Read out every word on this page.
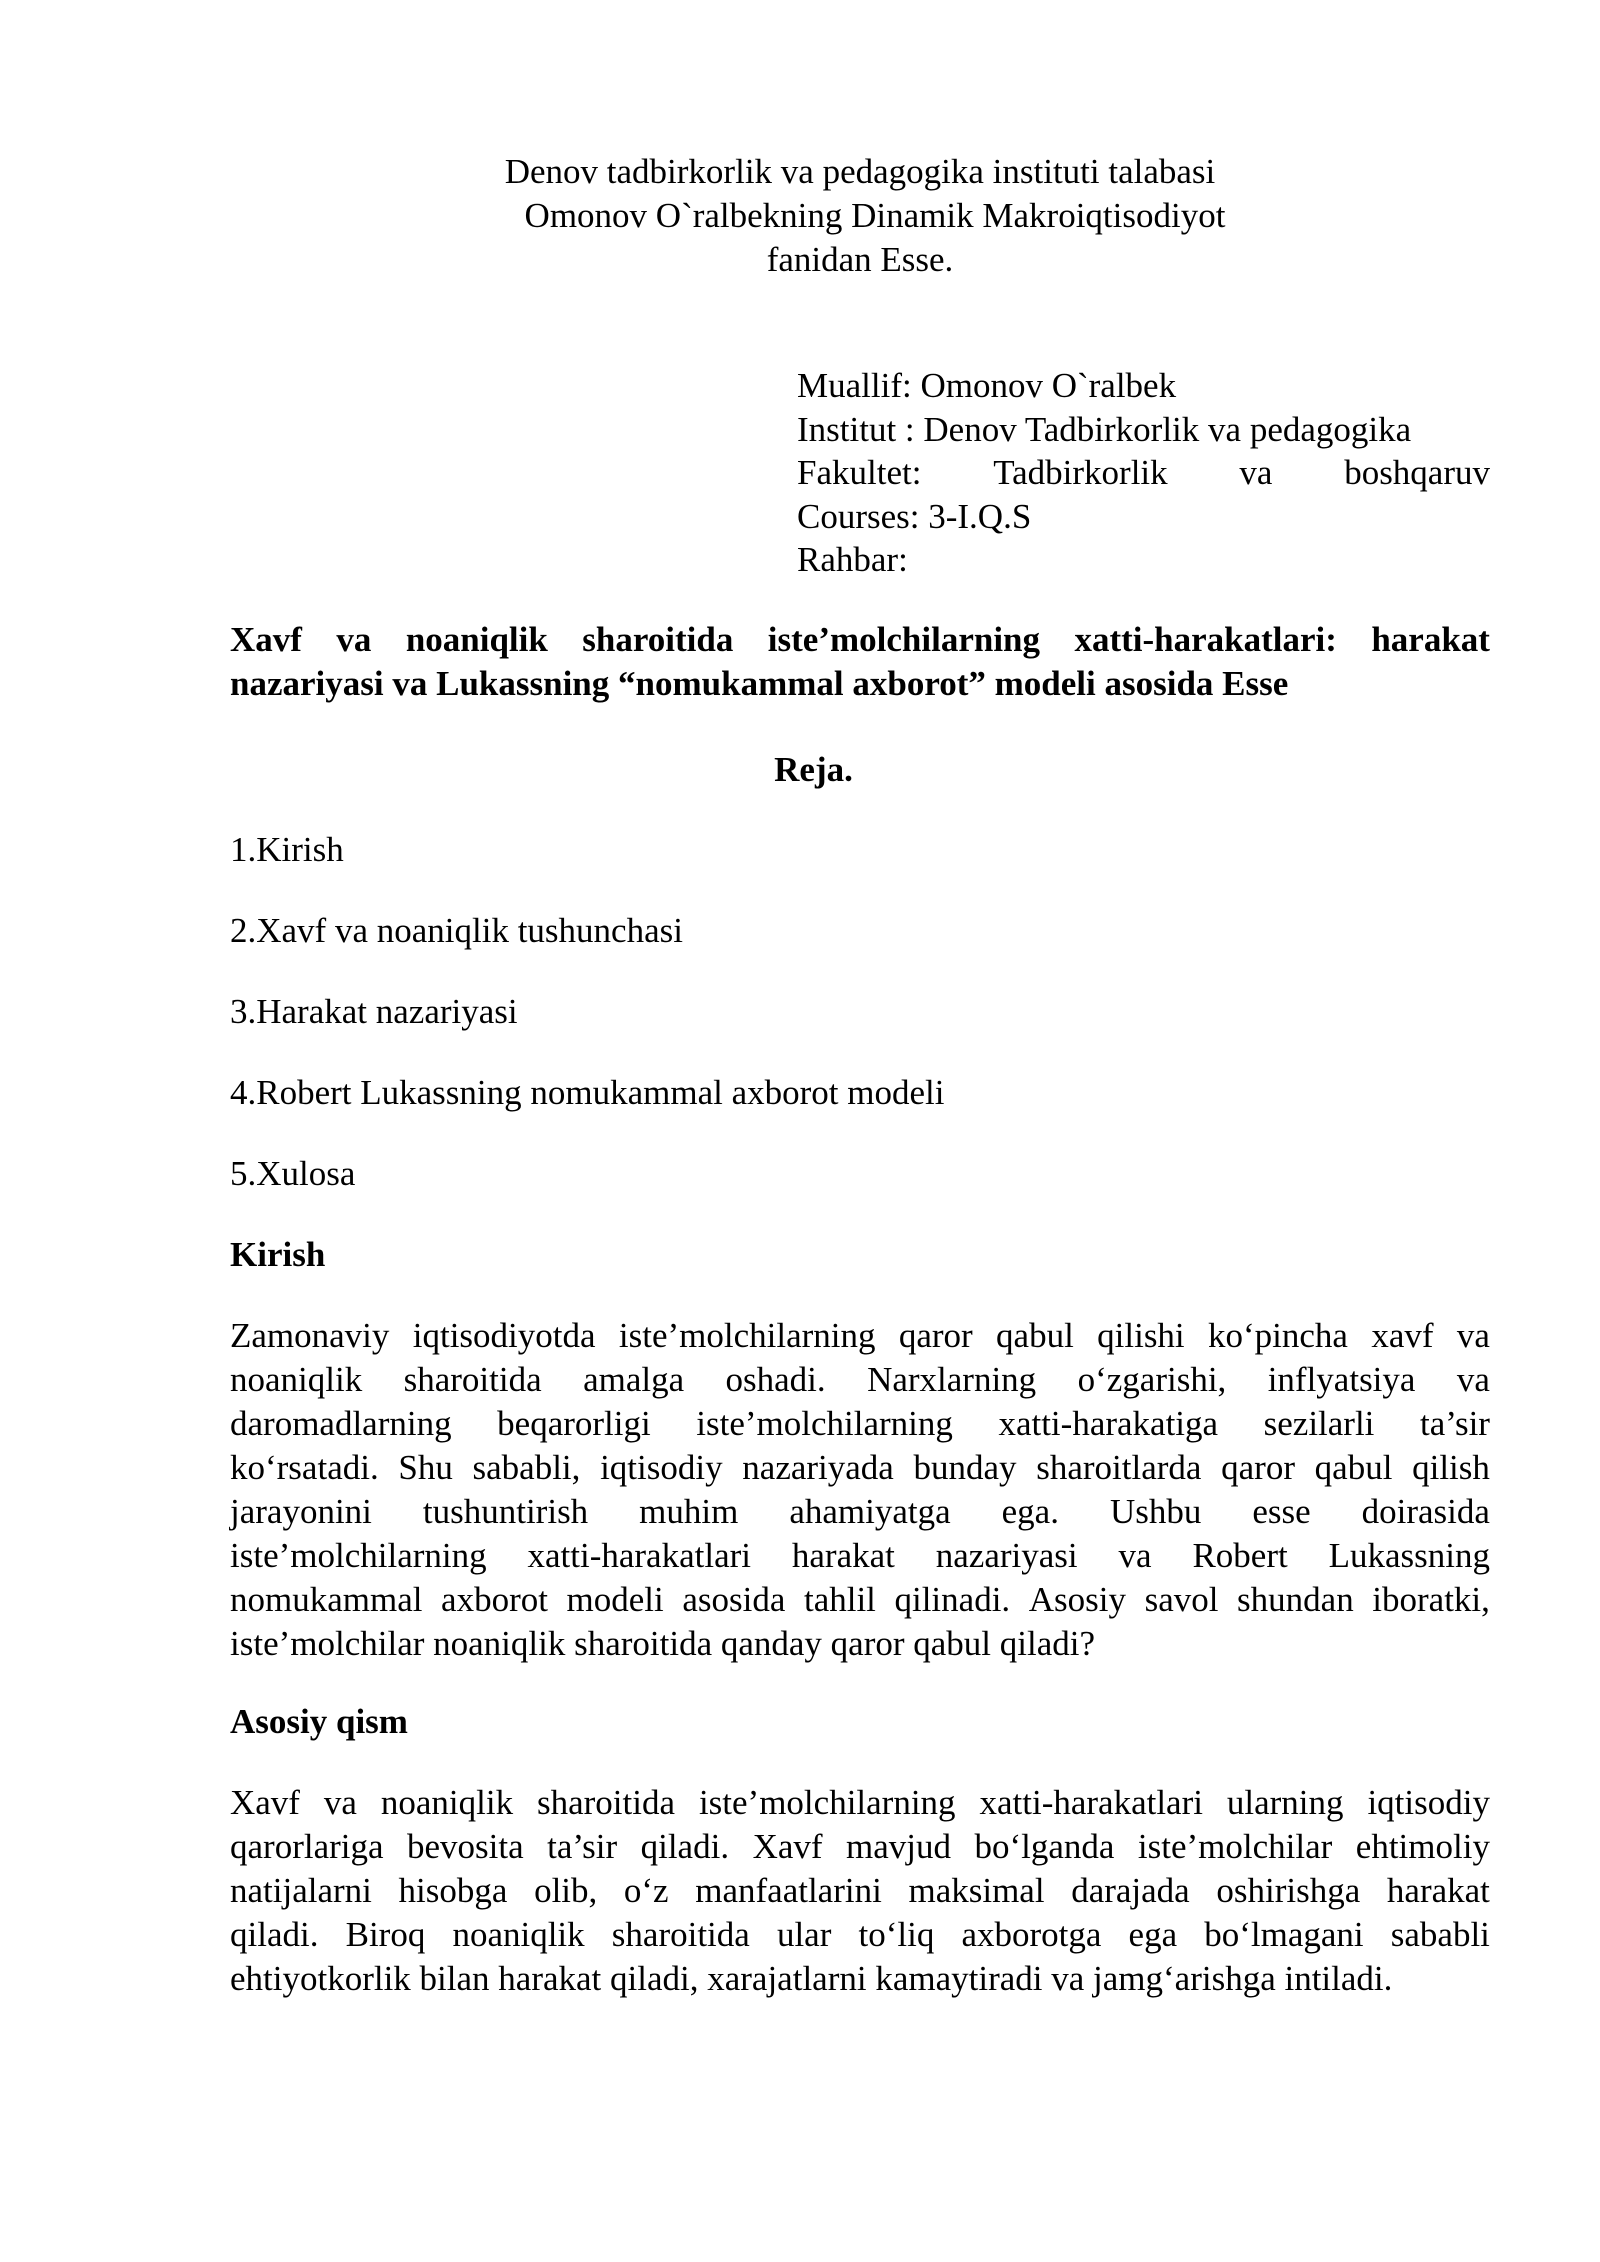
Denov tadbirkorlik va pedagogika instituti talabasi
Omonov O`ralbekning Dinamik Makroiqtisodiyot
fanidan Esse.
Muallif: Omonov O`ralbek
Institut : Denov Tadbirkorlik va pedagogika
Fakultet: Tadbirkorlik va boshqaruv
Courses: 3-I.Q.S
Rahbar:
Xavf va noaniqlik sharoitida iste’molchilarning xatti-harakatlari: harakat
nazariyasi va Lukassning “nomukammal axborot” modeli asosida Esse
Reja.
1.Kirish
2.Xavf va noaniqlik tushunchasi
3.Harakat nazariyasi
4.Robert Lukassning nomukammal axborot modeli
5.Xulosa
Kirish
Zamonaviy iqtisodiyotda iste’molchilarning qaror qabul qilishi ko‘pincha xavf va
noaniqlik sharoitida amalga oshadi. Narxlarning o‘zgarishi, inflyatsiya va
daromadlarning beqarorligi iste’molchilarning xatti-harakatiga sezilarli ta’sir
ko‘rsatadi. Shu sababli, iqtisodiy nazariyada bunday sharoitlarda qaror qabul qilish
jarayonini tushuntirish muhim ahamiyatga ega. Ushbu esse doirasida
iste’molchilarning xatti-harakatlari harakat nazariyasi va Robert Lukassning
nomukammal axborot modeli asosida tahlil qilinadi. Asosiy savol shundan iboratki,
iste’molchilar noaniqlik sharoitida qanday qaror qabul qiladi?
Asosiy qism
Xavf va noaniqlik sharoitida iste’molchilarning xatti-harakatlari ularning iqtisodiy
qarorlariga bevosita ta’sir qiladi. Xavf mavjud bo‘lganda iste’molchilar ehtimoliy
natijalarni hisobga olib, o‘z manfaatlarini maksimal darajada oshirishga harakat
qiladi. Biroq noaniqlik sharoitida ular to‘liq axborotga ega bo‘lmagani sababli
ehtiyotkorlik bilan harakat qiladi, xarajatlarni kamaytiradi va jamg‘arishga intiladi.
